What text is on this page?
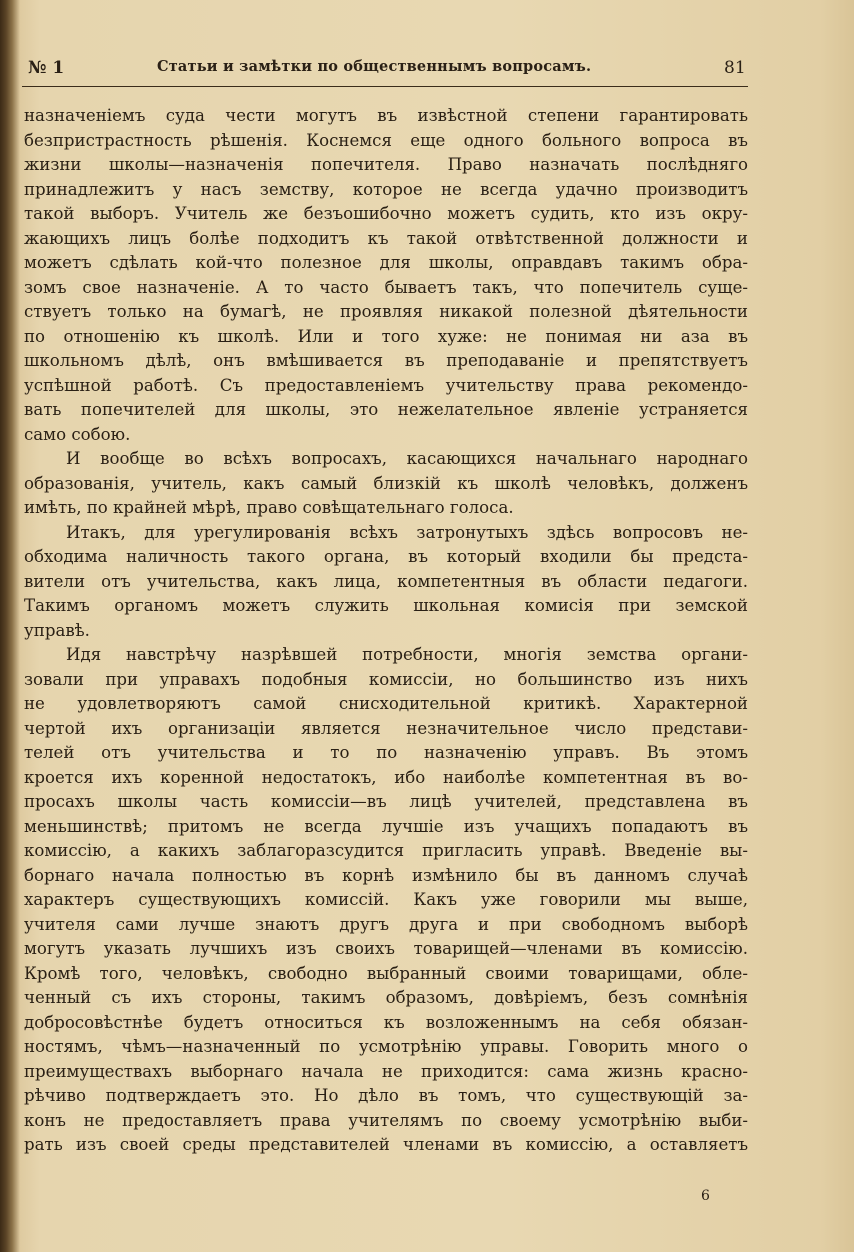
№ 1	Статьи и замѣтки по общественнымъ вопросамъ.	81
назначеніемъ суда чести могутъ въ извѣстной степени гарантировать
безпристрастность рѣшенія. Коснемся еще одного больного вопроса въ
жизни школы—назначенія попечителя. Право назначать послѣдняго
принадлежитъ у насъ земству, которое не всегда удачно производитъ
такой выборъ. Учитель же безъошибочно можетъ судить, кто изъ окру-
жающихъ лицъ болѣе подходитъ къ такой отвѣтственной должности и
можетъ сдѣлать кой-что полезное для школы, оправдавъ такимъ обра-
зомъ свое назначеніе. А то часто бываетъ такъ, что попечитель суще-
ствуетъ только на бумагѣ, не проявляя никакой полезной дѣятельности
по отношенію къ школѣ. Или и того хуже: не понимая ни аза въ
школьномъ дѣлѣ, онъ вмѣшивается въ преподаваніе и препятствуетъ
успѣшной работѣ. Съ предоставленіемъ учительству права рекомендо-
вать попечителей для школы, это нежелательное явленіе устраняется
само собою.
И вообще во всѣхъ вопросахъ, касающихся начальнаго народнаго
образованія, учитель, какъ самый близкій къ школѣ человѣкъ, долженъ
имѣть, по крайней мѣрѣ, право совѣщательнаго голоса.
Итакъ, для урегулированія всѣхъ затронутыхъ здѣсь вопросовъ не-
обходима наличность такого органа, въ который входили бы предста-
вители отъ учительства, какъ лица, компетентныя въ области педагоги.
Такимъ органомъ можетъ служить школьная комисія при земской
управѣ.
Идя навстрѣчу назрѣвшей потребности, многія земства органи-
зовали при управахъ подобныя комиссіи, но большинство изъ нихъ
не удовлетворяютъ самой снисходительной критикѣ. Характерной
чертой ихъ организаціи является незначительное число представи-
телей отъ учительства и то по назначенію управъ. Въ этомъ
кроется ихъ коренной недостатокъ, ибо наиболѣе компетентная въ во-
просахъ школы часть комиссіи—въ лицѣ учителей, представлена въ
меньшинствѣ; притомъ не всегда лучшіе изъ учащихъ попадаютъ въ
комиссію, а какихъ заблагоразсудится пригласить управѣ. Введеніе вы-
борнаго начала полностью въ корнѣ измѣнило бы въ данномъ случаѣ
характеръ существующихъ комиссій. Какъ уже говорили мы выше,
учителя сами лучше знаютъ другъ друга и при свободномъ выборѣ
могутъ указать лучшихъ изъ своихъ товарищей—членами въ комиссію.
Кромѣ того, человѣкъ, свободно выбранный своими товарищами, обле-
ченный съ ихъ стороны, такимъ образомъ, довѣріемъ, безъ сомнѣнія
добросовѣстнѣе будетъ относиться къ возложеннымъ на себя обязан-
ностямъ, чѣмъ—назначенный по усмотрѣнію управы. Говорить много о
преимуществахъ выборнаго начала не приходится: сама жизнь красно-
рѣчиво подтверждаетъ это. Но дѣло въ томъ, что существующій за-
конъ не предоставляетъ права учителямъ по своему усмотрѣнію выби-
рать изъ своей среды представителей членами въ комиссію, а оставляетъ
6
